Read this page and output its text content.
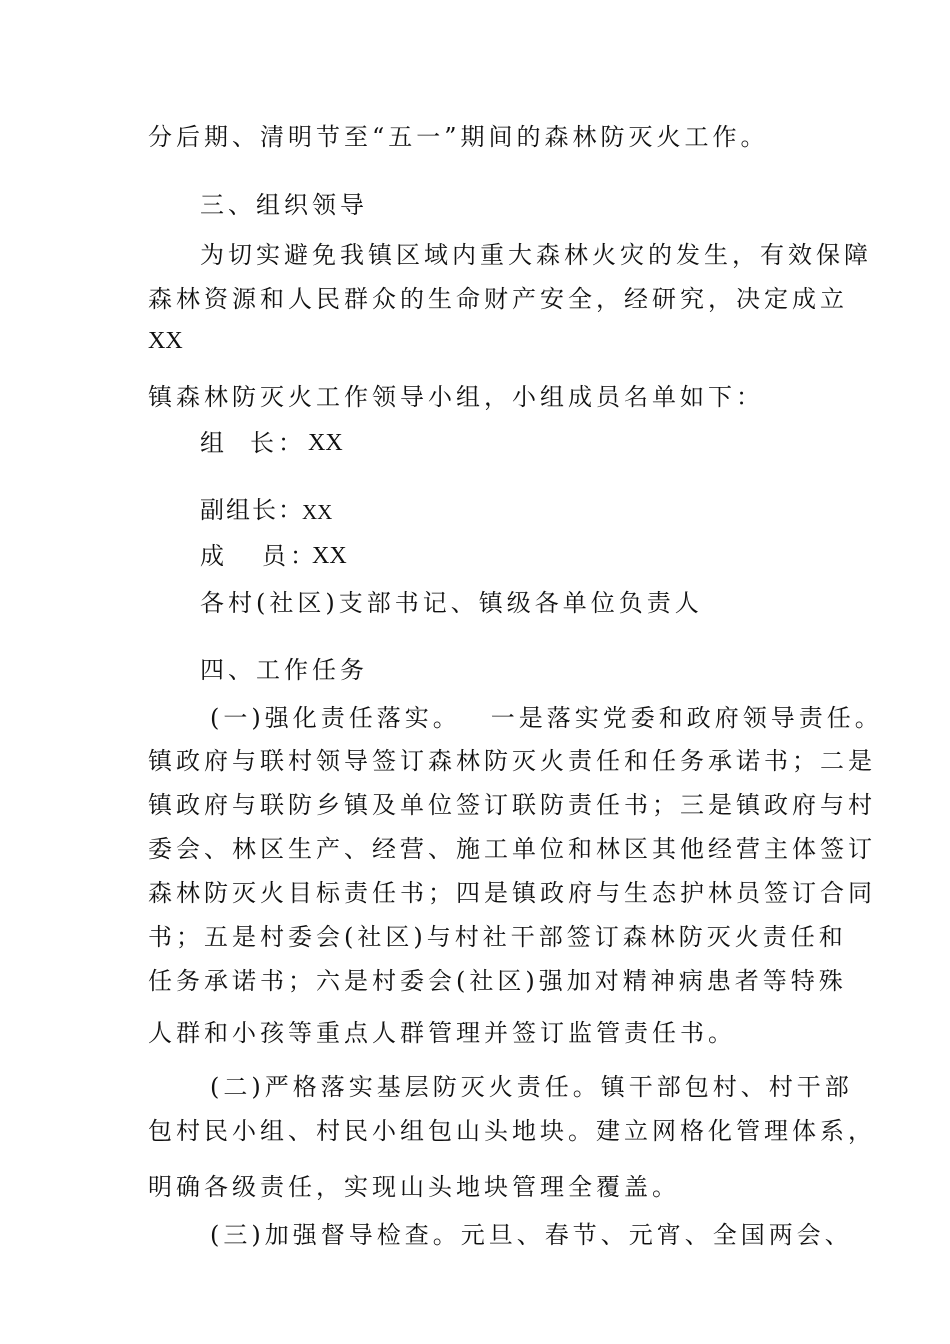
分后期、清明节至“五一”期间的森林防灭火工作。
三、组织领导
为切实避免我镇区域内重大森林火灾的发生，有效保障
森林资源和人民群众的生命财产安全，经研究，决定成立
XX
镇森林防灭火工作领导小组，小组成员名单如下：
组 长： XX
副组长：
XX
成 员：
XX
各村(社区)支部书记、镇级各单位负责人
四、工作任务
(一)强化责任落实。 一是落实党委和政府领导责任。
镇政府与联村领导签订森林防灭火责任和任务承诺书；二是
镇政府与联防乡镇及单位签订联防责任书；三是镇政府与村
委会、林区生产、经营、施工单位和林区其他经营主体签订
森林防灭火目标责任书；四是镇政府与生态护林员签订合同
书；五是村委会(社区)与村社干部签订森林防灭火责任和
任务承诺书；六是村委会(社区)强加对精神病患者等特殊
人群和小孩等重点人群管理并签订监管责任书。
(二)严格落实基层防灭火责任。镇干部包村、村干部
包村民小组、村民小组包山头地块。建立网格化管理体系，
明确各级责任，实现山头地块管理全覆盖。
(三)加强督导检查。元旦、春节、元宵、全国两会、
